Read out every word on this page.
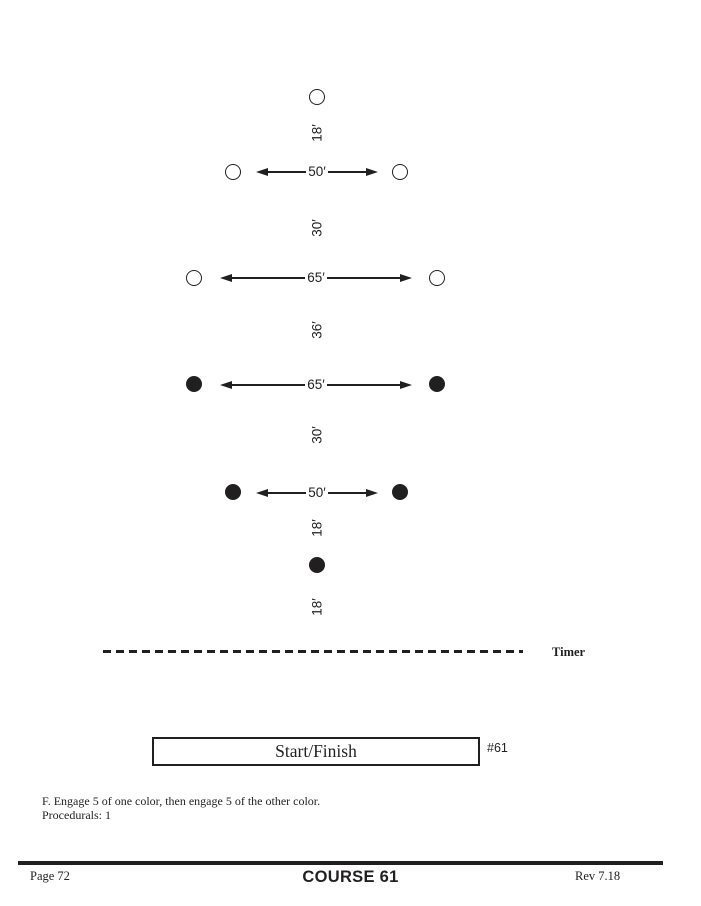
50′
65′
65′
50′
18′
30′
36′
30′
18′
18′
Timer
Start/Finish	#61
F. Engage 5 of one color, then engage 5 of the other color.
Procedurals: 1
Page 72	COURSE 61	Rev 7.18
